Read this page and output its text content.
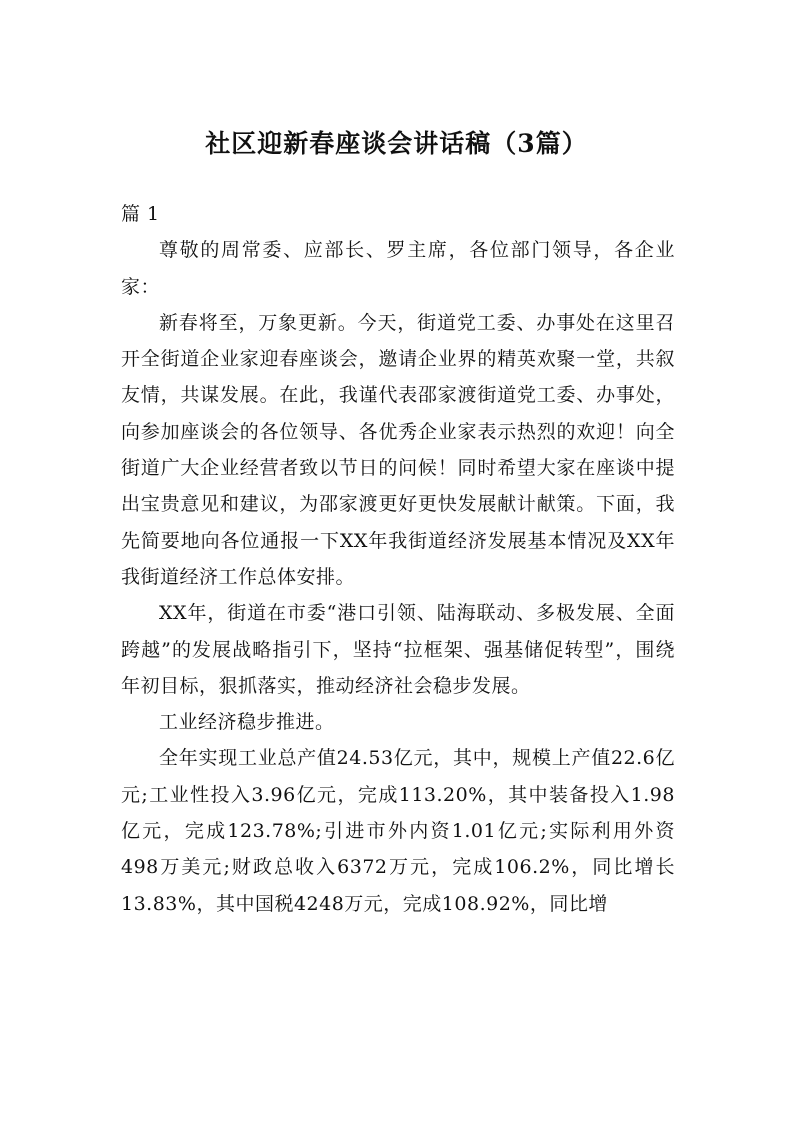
社区迎新春座谈会讲话稿（3篇）

篇 1

尊敬的周常委、应部长、罗主席，各位部门领导，各企业家：

新春将至，万象更新。今天，街道党工委、办事处在这里召开全街道企业家迎春座谈会，邀请企业界的精英欢聚一堂，共叙友情，共谋发展。在此，我谨代表邵家渡街道党工委、办事处，向参加座谈会的各位领导、各优秀企业家表示热烈的欢迎！向全街道广大企业经营者致以节日的问候！同时希望大家在座谈中提出宝贵意见和建议，为邵家渡更好更快发展献计献策。下面，我先简要地向各位通报一下XX年我街道经济发展基本情况及XX年我街道经济工作总体安排。

XX年，街道在市委“港口引领、陆海联动、多极发展、全面跨越”的发展战略指引下，坚持“拉框架、强基储促转型”，围绕年初目标，狠抓落实，推动经济社会稳步发展。

工业经济稳步推进。

全年实现工业总产值24.53亿元，其中，规模上产值22.6亿元;工业性投入3.96亿元，完成113.20%，其中装备投入1.98亿元，完成123.78%;引进市外内资1.01亿元;实际利用外资498万美元;财政总收入6372万元，完成106.2%，同比增长13.83%，其中国税4248万元，完成108.92%，同比增
